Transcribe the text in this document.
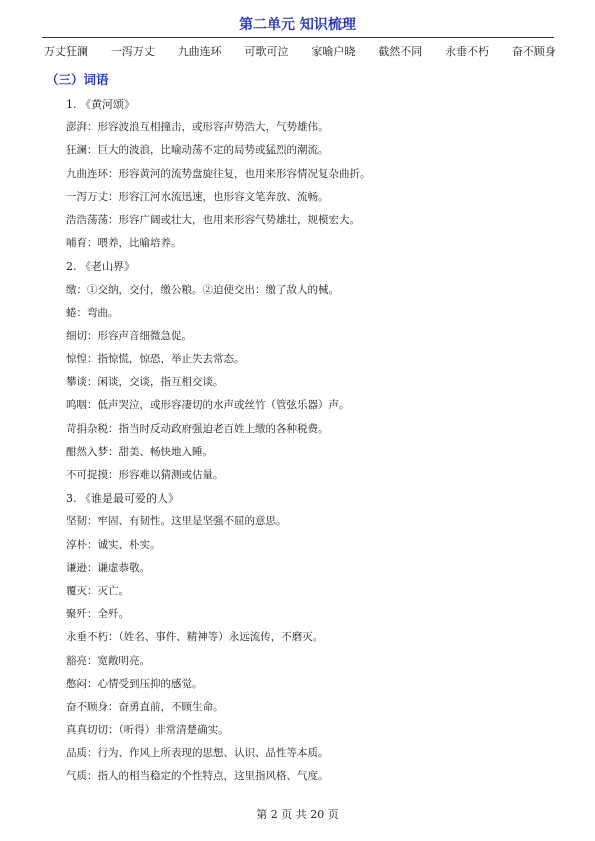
第二单元 知识梳理
万丈狂澜 一泻万丈 九曲连环 可歌可泣 家喻户晓 截然不同 永垂不朽 奋不顾身
（三）词语
1. 《黄河颂》
澎湃：形容波浪互相撞击，或形容声势浩大，气势雄伟。
狂澜：巨大的波浪，比喻动荡不定的局势或猛烈的潮流。
九曲连环：形容黄河的流势盘旋往复，也用来形容情况复杂曲折。
一泻万丈：形容江河水流迅速，也形容文笔奔放、流畅。
浩浩荡荡：形容广阔或壮大，也用来形容气势雄壮，规模宏大。
哺育：喂养，比喻培养。
2. 《老山界》
缴：①交纳，交付，缴公粮。②迫使交出：缴了敌人的械。
蜷：弯曲。
细切：形容声音细微急促。
惊惶：指惊慌，惊恐，举止失去常态。
攀谈：闲谈，交谈，指互相交谈。
呜咽：低声哭泣，或形容凄切的水声或丝竹（管弦乐器）声。
苛捐杂税：指当时反动政府强迫老百姓上缴的各种税费。
酣然入梦：甜美、畅快地入睡。
不可捉摸：形容难以猜测或估量。
3. 《谁是最可爱的人》
坚韧：牢固、有韧性。这里是坚强不屈的意思。
淳朴：诚实、朴实。
谦逊：谦虚恭敬。
覆灭：灭亡。
聚歼：全歼。
永垂不朽：（姓名、事件、精神等）永远流传，不磨灭。
豁亮：宽敞明亮。
憋闷：心情受到压抑的感觉。
奋不顾身：奋勇直前，不顾生命。
真真切切：（听得）非常清楚确实。
品质：行为、作风上所表现的思想、认识、品性等本质。
气质：指人的相当稳定的个性特点，这里指风格、气度。
第 2 页 共 20 页
